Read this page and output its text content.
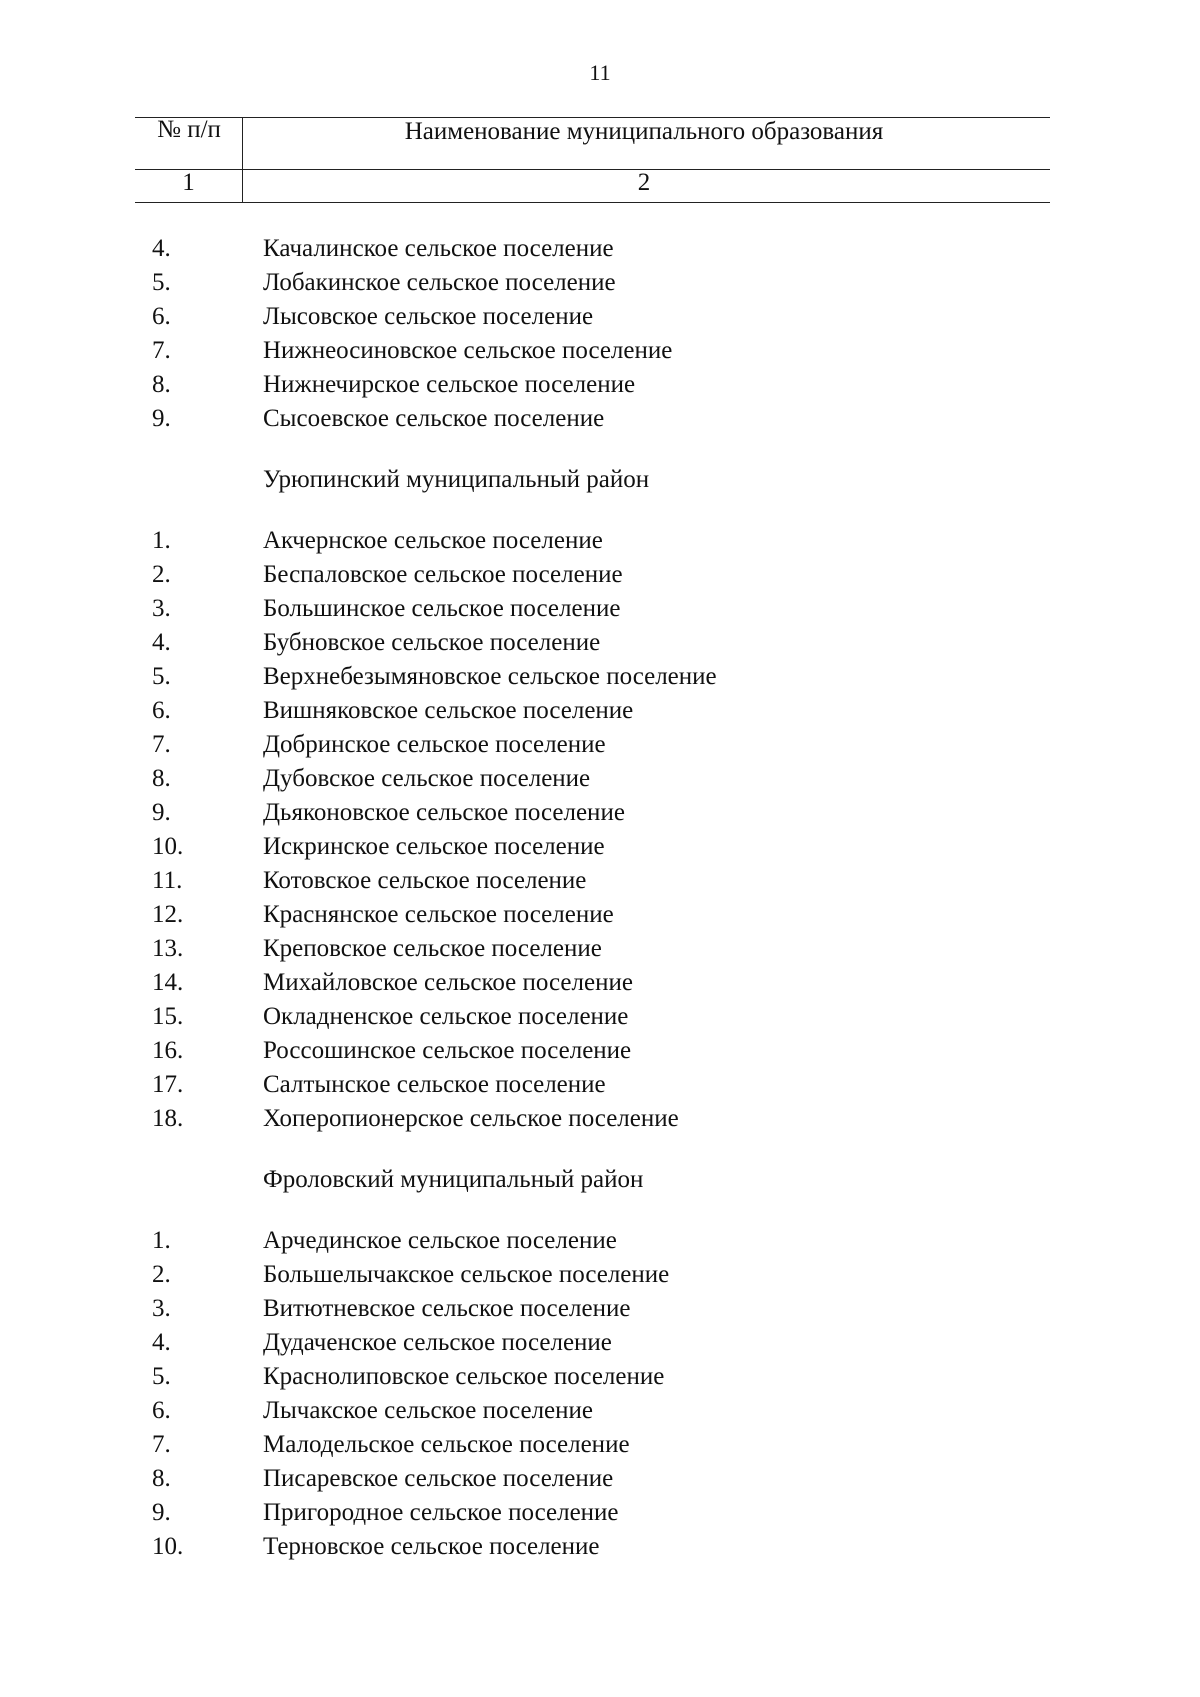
11
№ п/п	Наименование муниципального образования
1	2
4.	Качалинское сельское поселение
5.	Лобакинское сельское поселение
6.	Лысовское сельское поселение
7.	Нижнеосиновское сельское поселение
8.	Нижнечирское сельское поселение
9.	Сысоевское сельское поселение
Урюпинский муниципальный район
1.	Акчернское сельское поселение
2.	Беспаловское сельское поселение
3.	Большинское сельское поселение
4.	Бубновское сельское поселение
5.	Верхнебезымяновское сельское поселение
6.	Вишняковское сельское поселение
7.	Добринское сельское поселение
8.	Дубовское сельское поселение
9.	Дьяконовское сельское поселение
10.	Искринское сельское поселение
11.	Котовское сельское поселение
12.	Краснянское сельское поселение
13.	Креповское сельское поселение
14.	Михайловское сельское поселение
15.	Окладненское сельское поселение
16.	Россошинское сельское поселение
17.	Салтынское сельское поселение
18.	Хоперопионерское сельское поселение
Фроловский муниципальный район
1.	Арчединское сельское поселение
2.	Большелычакское сельское поселение
3.	Витютневское сельское поселение
4.	Дудаченское сельское поселение
5.	Краснолиповское сельское поселение
6.	Лычакское сельское поселение
7.	Малодельское сельское поселение
8.	Писаревское сельское поселение
9.	Пригородное сельское поселение
10.	Терновское сельское поселение
